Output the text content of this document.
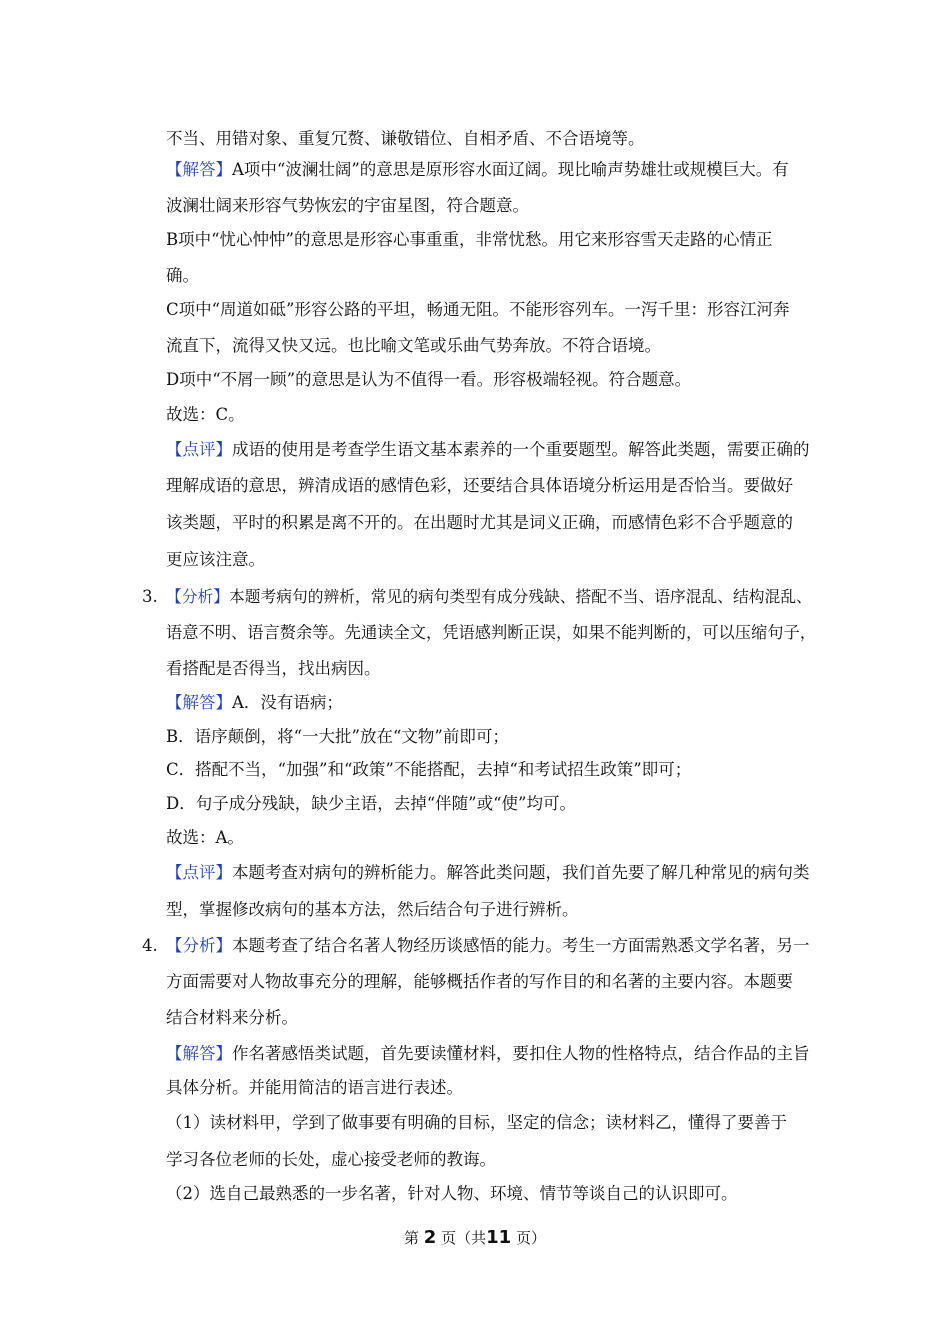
3.
4.
不当、用错对象、重复冗赘、谦敬错位、自相矛盾、不合语境等。
【解答】A项中“波澜壮阔”的意思是原形容水面辽阔。现比喻声势雄壮或规模巨大。有
波澜壮阔来形容气势恢宏的宇宙星图，符合题意。
B项中“忧心忡忡”的意思是形容心事重重，非常忧愁。用它来形容雪天走路的心情正
确。
C项中“周道如砥”形容公路的平坦，畅通无阻。不能形容列车。一泻千里：形容江河奔
流直下，流得又快又远。也比喻文笔或乐曲气势奔放。不符合语境。
D项中“不屑一顾”的意思是认为不值得一看。形容极端轻视。符合题意。
故选：C。
【点评】成语的使用是考查学生语文基本素养的一个重要题型。解答此类题，需要正确的
理解成语的意思，辨清成语的感情色彩，还要结合具体语境分析运用是否恰当。要做好
该类题，平时的积累是离不开的。在出题时尤其是词义正确，而感情色彩不合乎题意的
更应该注意。
【分析】本题考病句的辨析，常见的病句类型有成分残缺、搭配不当、语序混乱、结构混乱、
语意不明、语言赘余等。先通读全文，凭语感判断正误，如果不能判断的，可以压缩句子，
看搭配是否得当，找出病因。
【解答】A．没有语病；
B．语序颠倒，将“一大批”放在“文物”前即可；
C．搭配不当，“加强”和“政策”不能搭配，去掉“和考试招生政策”即可；
D．句子成分残缺，缺少主语，去掉“伴随”或“使”均可。
故选：A。
【点评】本题考查对病句的辨析能力。解答此类问题，我们首先要了解几种常见的病句类
型，掌握修改病句的基本方法，然后结合句子进行辨析。
【分析】本题考查了结合名著人物经历谈感悟的能力。考生一方面需熟悉文学名著，另一
方面需要对人物故事充分的理解，能够概括作者的写作目的和名著的主要内容。本题要
结合材料来分析。
【解答】作名著感悟类试题，首先要读懂材料，要扣住人物的性格特点，结合作品的主旨
具体分析。并能用简洁的语言进行表述。
（1）读材料甲，学到了做事要有明确的目标，坚定的信念；读材料乙，懂得了要善于
学习各位老师的长处，虚心接受老师的教诲。
（2）选自己最熟悉的一步名著，针对人物、环境、情节等谈自己的认识即可。
第 2 页（共11 页）
